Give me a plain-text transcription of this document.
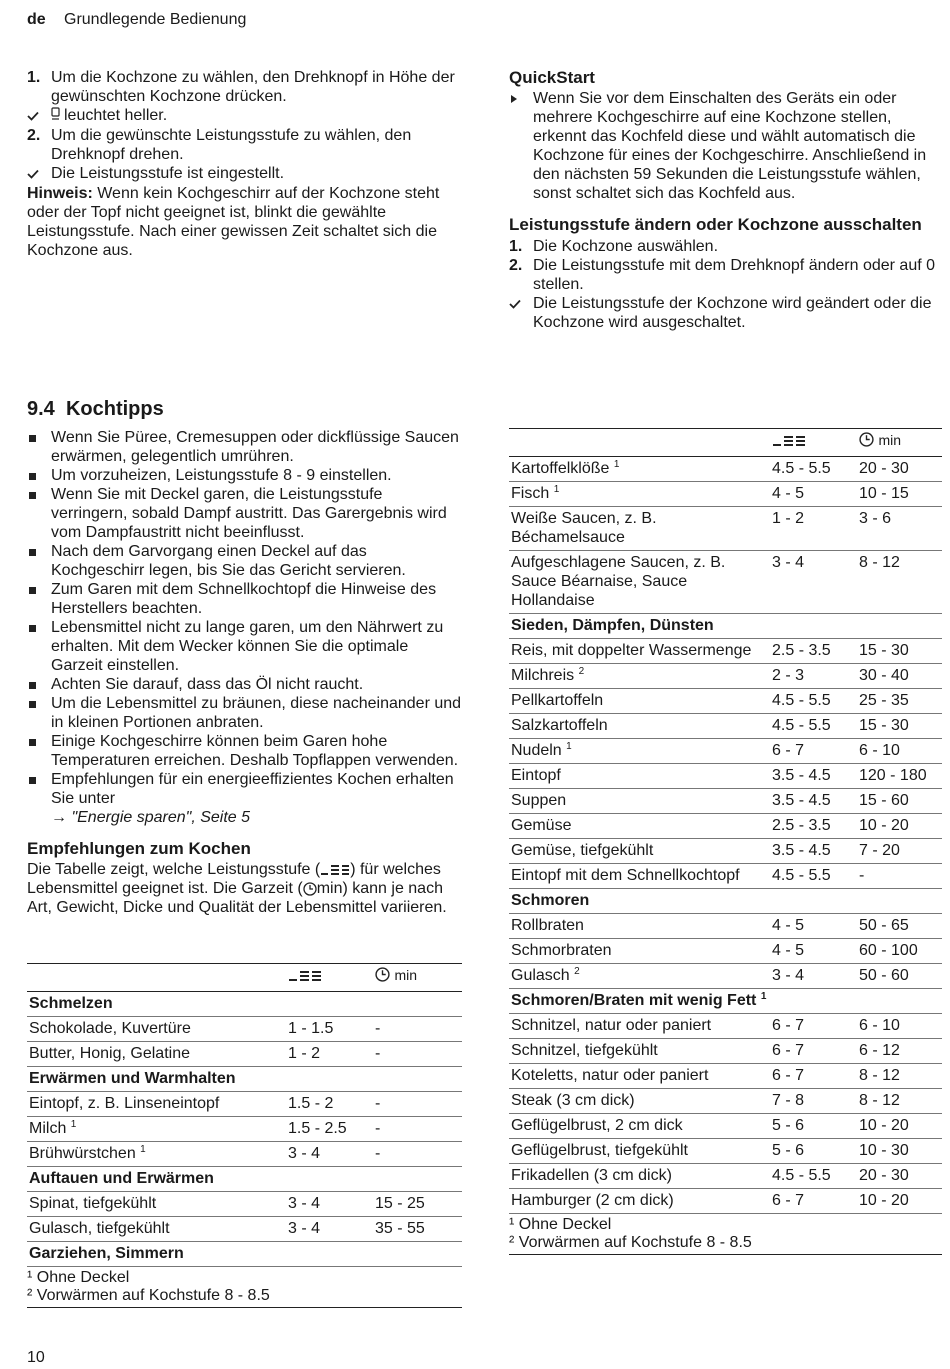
de Grundlegende Bedienung
1. Um die Kochzone zu wählen, den Drehknopf in Höhe der gewünschten Kochzone drücken.
leuchtet heller.
2. Um die gewünschte Leistungsstufe zu wählen, den Drehknopf drehen.
Die Leistungsstufe ist eingestellt.
Hinweis: Wenn kein Kochgeschirr auf der Kochzone steht oder der Topf nicht geeignet ist, blinkt die gewählte Leistungsstufe. Nach einer gewissen Zeit schaltet sich die Kochzone aus.
QuickStart
Wenn Sie vor dem Einschalten des Geräts ein oder mehrere Kochgeschirre auf eine Kochzone stellen, erkennt das Kochfeld diese und wählt automatisch die Kochzone für eines der Kochgeschirre. Anschließend in den nächsten 59 Sekunden die Leistungsstufe wählen, sonst schaltet sich das Kochfeld aus.
Leistungsstufe ändern oder Kochzone ausschalten
1. Die Kochzone auswählen.
2. Die Leistungsstufe mit dem Drehknopf ändern oder auf 0 stellen.
Die Leistungsstufe der Kochzone wird geändert oder die Kochzone wird ausgeschaltet.
9.4 Kochtipps
Wenn Sie Püree, Cremesuppen oder dickflüssige Saucen erwärmen, gelegentlich umrühren.
Um vorzuheizen, Leistungsstufe 8 - 9 einstellen.
Wenn Sie mit Deckel garen, die Leistungsstufe verringern, sobald Dampf austritt. Das Garergebnis wird vom Dampfaustritt nicht beeinflusst.
Nach dem Garvorgang einen Deckel auf das Kochgeschirr legen, bis Sie das Gericht servieren.
Zum Garen mit dem Schnellkochtopf die Hinweise des Herstellers beachten.
Lebensmittel nicht zu lange garen, um den Nährwert zu erhalten. Mit dem Wecker können Sie die optimale Garzeit einstellen.
Achten Sie darauf, dass das Öl nicht raucht.
Um die Lebensmittel zu bräunen, diese nacheinander und in kleinen Portionen anbraten.
Einige Kochgeschirre können beim Garen hohe Temperaturen erreichen. Deshalb Topflappen verwenden.
Empfehlungen für ein energieeffizientes Kochen erhalten Sie unter
→ "Energie sparen", Seite 5
Empfehlungen zum Kochen
Die Tabelle zeigt, welche Leistungsstufe ( ) für welches Lebensmittel geeignet ist. Die Garzeit ( min) kann je nach Art, Gewicht, Dicke und Qualität der Lebensmittel variieren.
		min
Schmelzen		
Schokolade, Kuvertüre	1 - 1.5	-
Butter, Honig, Gelatine	1 - 2	-
Erwärmen und Warmhalten		
Eintopf, z. B. Linseneintopf	1.5 - 2	-
Milch $^1$	1.5 - 2.5	-
Brühwürstchen $^1$	3 - 4	-
Auftauen und Erwärmen		
Spinat, tiefgekühlt	3 - 4	15 - 25
Gulasch, tiefgekühlt	3 - 4	35 - 55
Garziehen, Simmern		
¹ Ohne Deckel
² Vorwärmen auf Kochstufe 8 - 8.5
		min
Kartoffelklöße $^1$	4.5 - 5.5	20 - 30
Fisch $^1$	4 - 5	10 - 15
Weiße Saucen, z. B. Béchamelsauce	1 - 2	3 - 6
Aufgeschlagene Saucen, z. B. Sauce Béarnaise, Sauce Hollandaise	3 - 4	8 - 12
Sieden, Dämpfen, Dünsten		
Reis, mit doppelter Wassermenge	2.5 - 3.5	15 - 30
Milchreis $^2$	2 - 3	30 - 40
Pellkartoffeln	4.5 - 5.5	25 - 35
Salzkartoffeln	4.5 - 5.5	15 - 30
Nudeln $^1$	6 - 7	6 - 10
Eintopf	3.5 - 4.5	120 - 180
Suppen	3.5 - 4.5	15 - 60
Gemüse	2.5 - 3.5	10 - 20
Gemüse, tiefgekühlt	3.5 - 4.5	7 - 20
Eintopf mit dem Schnellkochtopf	4.5 - 5.5	-
Schmoren		
Rollbraten	4 - 5	50 - 65
Schmorbraten	4 - 5	60 - 100
Gulasch $^2$	3 - 4	50 - 60
Schmoren/Braten mit wenig Fett $^1$
Schnitzel, natur oder paniert	6 - 7	6 - 10
Schnitzel, tiefgekühlt	6 - 7	6 - 12
Koteletts, natur oder paniert	6 - 7	8 - 12
Steak (3 cm dick)	7 - 8	8 - 12
Geflügelbrust, 2 cm dick	5 - 6	10 - 20
Geflügelbrust, tiefgekühlt	5 - 6	10 - 30
Frikadellen (3 cm dick)	4.5 - 5.5	20 - 30
Hamburger (2 cm dick)	6 - 7	10 - 20
¹ Ohne Deckel
² Vorwärmen auf Kochstufe 8 - 8.5
10
